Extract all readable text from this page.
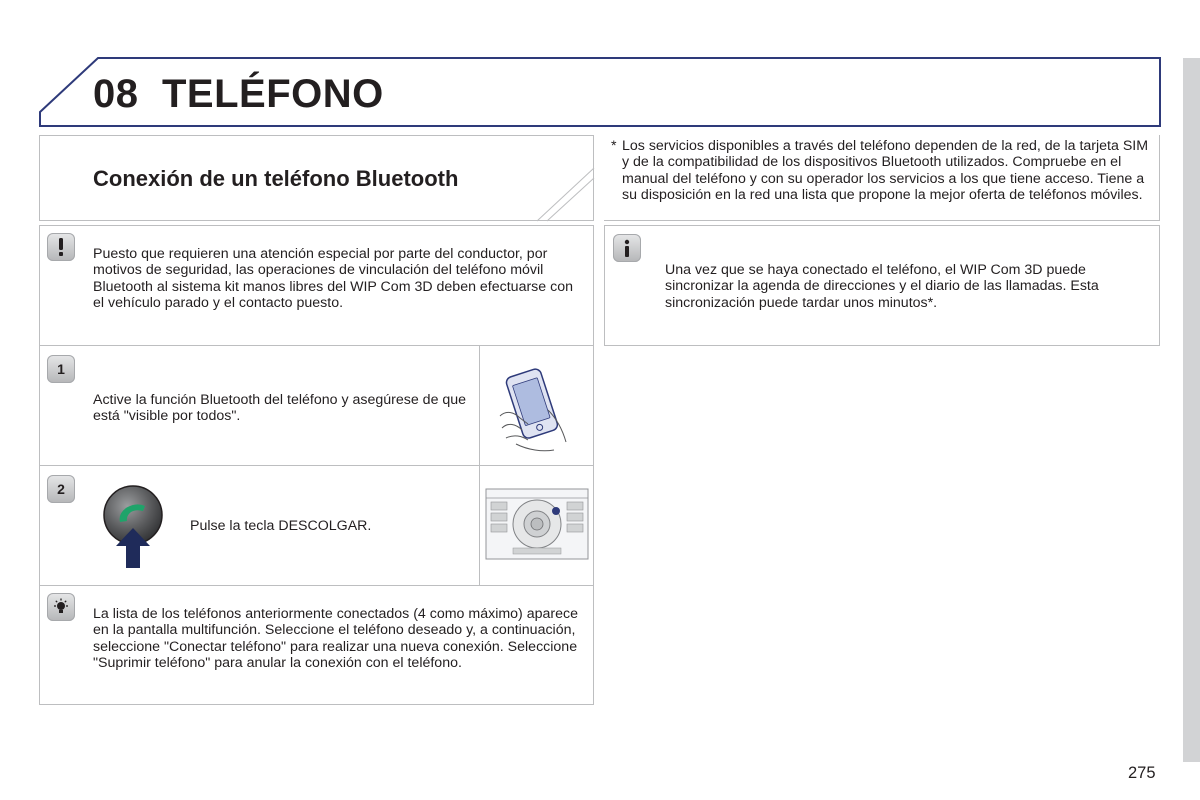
08 TELÉFONO
Conexión de un teléfono Bluetooth
* Los servicios disponibles a través del teléfono dependen de la red, de la tarjeta SIM y de la compatibilidad de los dispositivos Bluetooth utilizados. Compruebe en el manual del teléfono y con su operador los servicios a los que tiene acceso. Tiene a su disposición en la red una lista que propone la mejor oferta de teléfonos móviles.
Puesto que requieren una atención especial por parte del conductor, por motivos de seguridad, las operaciones de vinculación del teléfono móvil Bluetooth al sistema kit manos libres del WIP Com 3D deben efectuarse con el vehículo parado y el contacto puesto.
1
Active la función Bluetooth del teléfono y asegúrese de que está "visible por todos".
2
Pulse la tecla DESCOLGAR.
La lista de los teléfonos anteriormente conectados (4 como máximo) aparece en la pantalla multifunción. Seleccione el teléfono deseado y, a continuación, seleccione "Conectar teléfono" para realizar una nueva conexión. Seleccione "Suprimir teléfono" para anular la conexión con el teléfono.
Una vez que se haya conectado el teléfono, el WIP Com 3D puede sincronizar la agenda de direcciones y el diario de las llamadas. Esta sincronización puede tardar unos minutos*.
275
